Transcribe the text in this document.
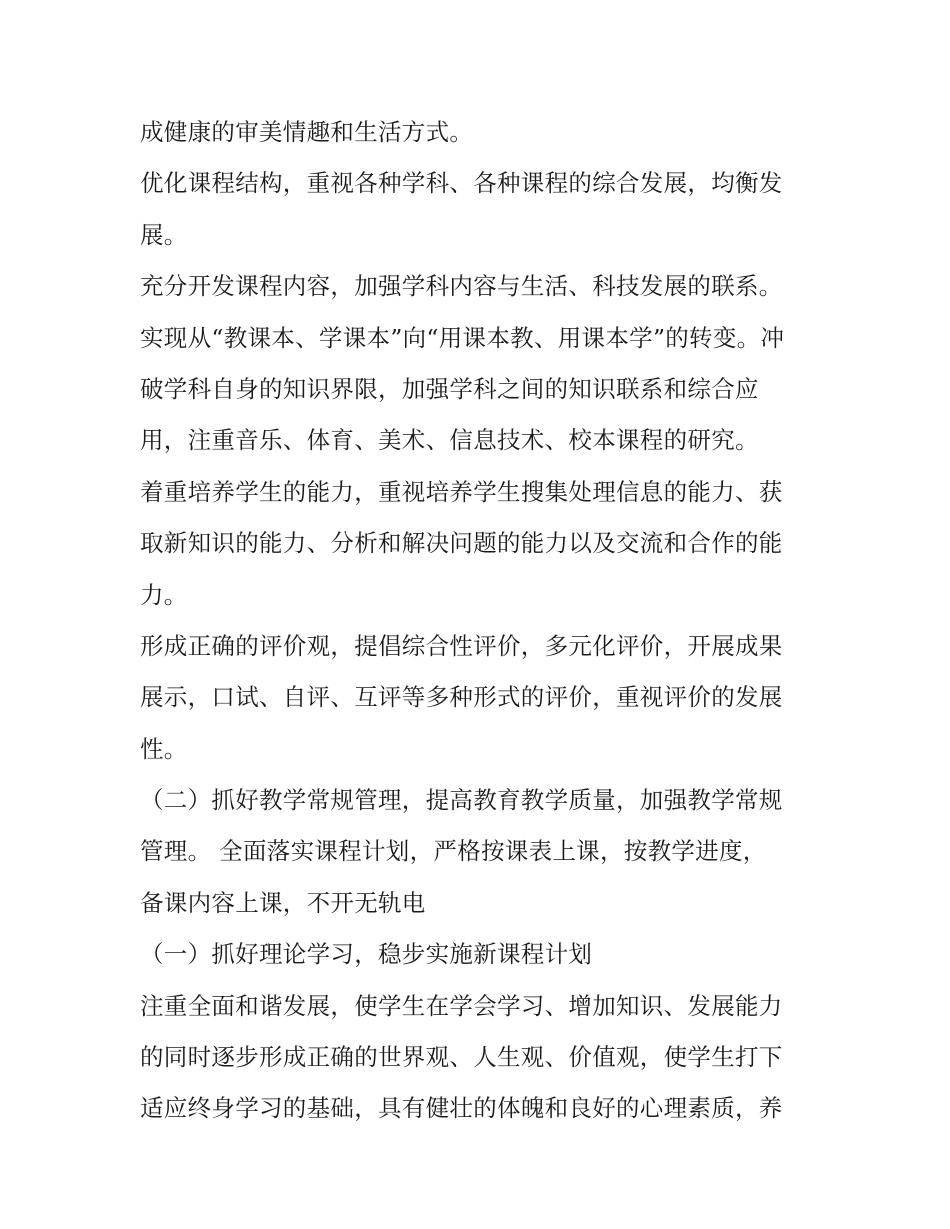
成健康的审美情趣和生活方式。
优化课程结构，重视各种学科、各种课程的综合发展，均衡发
展。
充分开发课程内容，加强学科内容与生活、科技发展的联系。
实现从“教课本、学课本”向“用课本教、用课本学”的转变。冲
破学科自身的知识界限，加强学科之间的知识联系和综合应
用，注重音乐、体育、美术、信息技术、校本课程的研究。
着重培养学生的能力，重视培养学生搜集处理信息的能力、获
取新知识的能力、分析和解决问题的能力以及交流和合作的能
力。
形成正确的评价观，提倡综合性评价，多元化评价，开展成果
展示，口试、自评、互评等多种形式的评价，重视评价的发展
性。
（二）抓好教学常规管理，提高教育教学质量，加强教学常规
管理。 全面落实课程计划，严格按课表上课，按教学进度，
备课内容上课，不开无轨电
（一）抓好理论学习，稳步实施新课程计划
注重全面和谐发展，使学生在学会学习、增加知识、发展能力
的同时逐步形成正确的世界观、人生观、价值观，使学生打下
适应终身学习的基础，具有健壮的体魄和良好的心理素质，养
